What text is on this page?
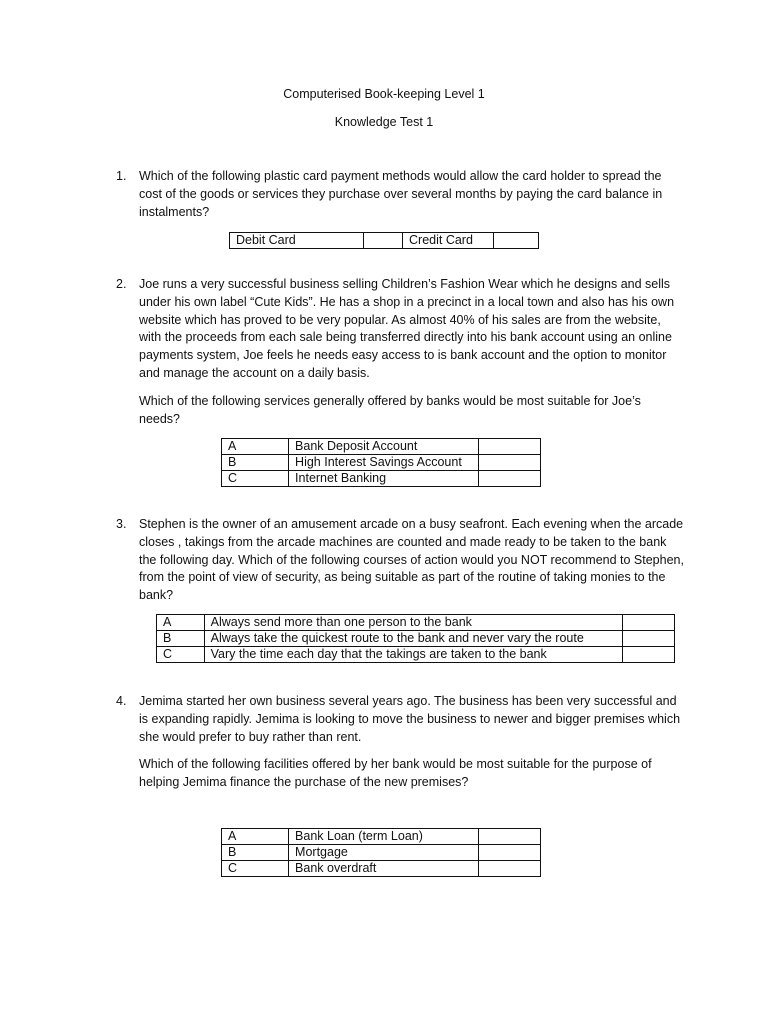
Computerised Book-keeping Level 1
Knowledge Test 1
1. Which of the following plastic card payment methods would allow the card holder to spread the cost of the goods or services they purchase over several months by paying the card balance in instalments?

Debit Card		Credit Card	
2. Joe runs a very successful business selling Children’s Fashion Wear which he designs and sells under his own label “Cute Kids”. He has a shop in a precinct in a local town and also has his own website which has proved to be very popular. As almost 40% of his sales are from the website, with the proceeds from each sale being transferred directly into his bank account using an online payments system, Joe feels he needs easy access to is bank account and the option to monitor and manage the account on a daily basis.

Which of the following services generally offered by banks would be most suitable for Joe’s needs?

A	Bank Deposit Account	
B	High Interest Savings Account	
C	Internet Banking	
3. Stephen is the owner of an amusement arcade on a busy seafront. Each evening when the arcade closes , takings from the arcade machines are counted and made ready to be taken to the bank the following day. Which of the following courses of action would you NOT recommend to Stephen, from the point of view of security, as being suitable as part of the routine of taking monies to the bank?

A	Always send more than one person to the bank	
B	Always take the quickest route to the bank and never vary the route	
C	Vary the time each day that the takings are taken to the bank	
4. Jemima started her own business several years ago. The business has been very successful and is expanding rapidly. Jemima is looking to move the business to newer and bigger premises which she would prefer to buy rather than rent.

Which of the following facilities offered by her bank would be most suitable for the purpose of helping Jemima finance the purchase of the new premises?

A	Bank Loan (term Loan)	
B	Mortgage	
C	Bank overdraft	
